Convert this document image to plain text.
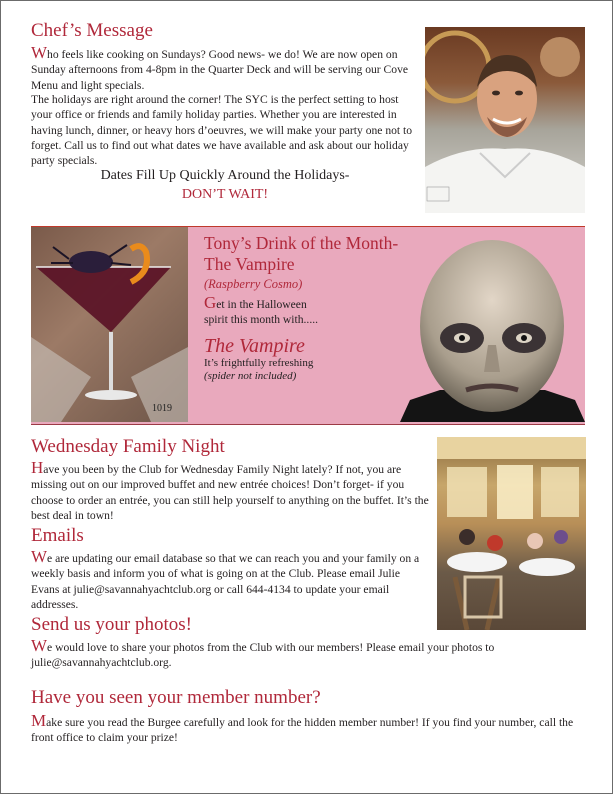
Chef’s Message

Who feels like cooking on Sundays? Good news- we do! We are now open on Sunday afternoons from 4-8pm in the Quarter Deck and will be serving our Cove Menu and light specials.

The holidays are right around the corner! The SYC is the perfect setting to host your office or friends and family holiday parties. Whether you are interested in having lunch, dinner, or heavy hors d’oeuvres, we will make your party one not to forget. Call us to find out what dates we have available and ask about our holiday party specials.

Dates Fill Up Quickly Around the Holidays-
DON’T WAIT!
1019
Tony’s Drink of the Month-
The Vampire
(Raspberry Cosmo)
Get in the Halloween spirit this month with.....
The Vampire
It’s frightfully refreshing
(spider not included)
Wednesday Family Night

Have you been by the Club for Wednesday Family Night lately? If not, you are missing out on our improved buffet and new entrée choices! Don’t forget- if you choose to order an entrée, you can still help yourself to anything on the buffet. It’s the best deal in town!

Emails

We are updating our email database so that we can reach you and your family on a weekly basis and inform you of what is going on at the Club. Please email Julie Evans at julie@savannahyachtclub.org or call 644-4134 to update your email addresses.

Send us your photos!

We would love to share your photos from the Club with our members! Please email your photos to julie@savannahyachtclub.org.

Have you seen your member number?

Make sure you read the Burgee carefully and look for the hidden member number! If you find your number, call the front office to claim your prize!
